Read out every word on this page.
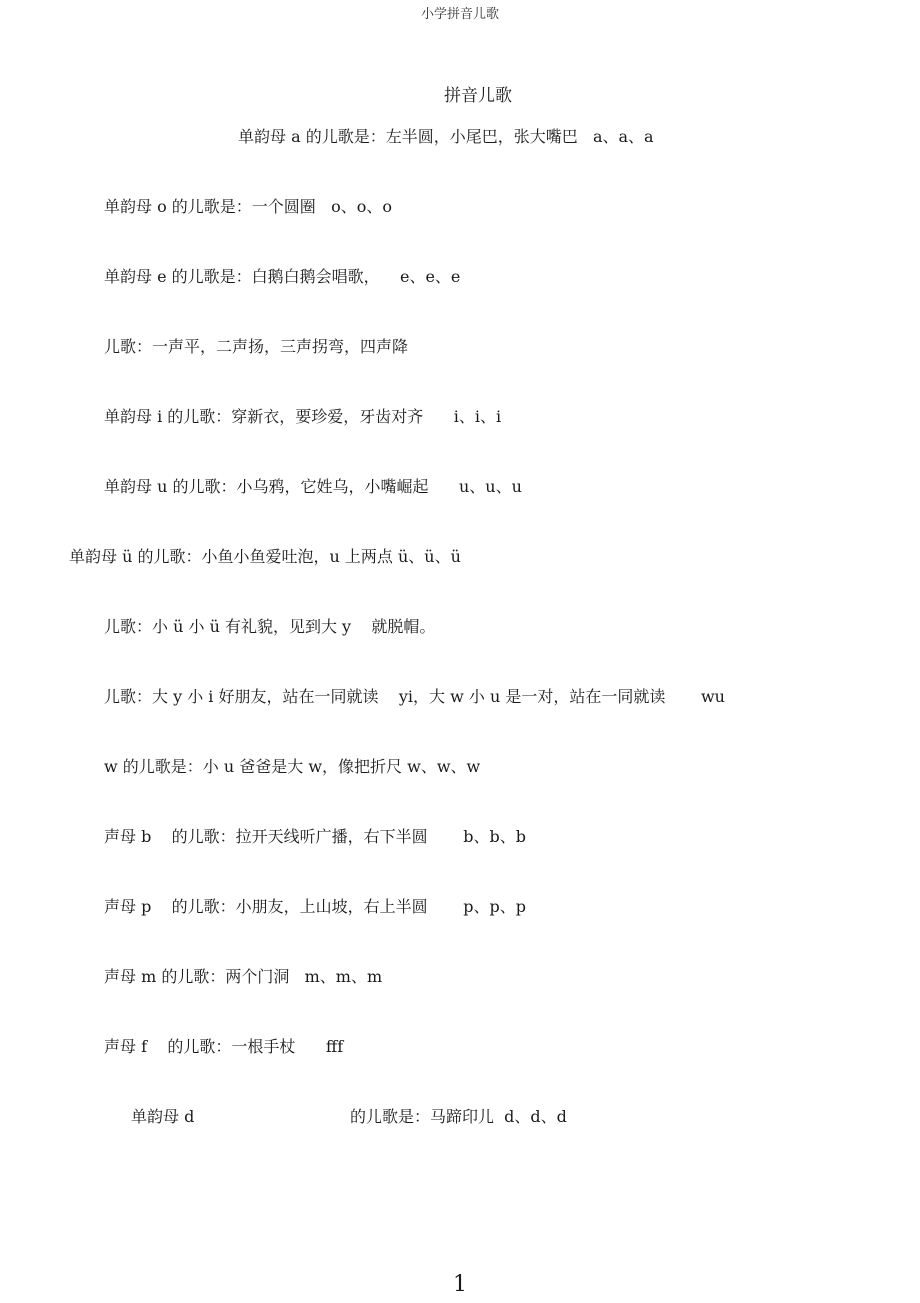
小学拼音儿歌
拼音儿歌
单韵母 a 的儿歌是：左半圆，小尾巴，张大嘴巴   a、a、a
单韵母 o 的儿歌是：一个圆圈   o、o、o
单韵母 e 的儿歌是：白鹅白鹅会唱歌，    e、e、e
儿歌：一声平，二声扬，三声拐弯，四声降
单韵母 i 的儿歌：穿新衣，要珍爱，牙齿对齐      i、i、i
单韵母 u 的儿歌：小乌鸦，它姓乌，小嘴崛起      u、u、u
单韵母 ü 的儿歌：小鱼小鱼爱吐泡，u 上两点 ü、ü、ü
儿歌：小 ü 小 ü 有礼貌，见到大 y    就脱帽。
儿歌：大 y 小 i 好朋友，站在一同就读    yi，大 w 小 u 是一对，站在一同就读       wu
w 的儿歌是：小 u 爸爸是大 w，像把折尺 w、w、w
声母 b    的儿歌：拉开天线听广播，右下半圆       b、b、b
声母 p    的儿歌：小朋友，上山坡，右上半圆       p、p、p
声母 m 的儿歌：两个门洞   m、m、m
声母 f    的儿歌：一根手杖      fff
单韵母 d	的儿歌是：马蹄印儿  d、d、d
1
